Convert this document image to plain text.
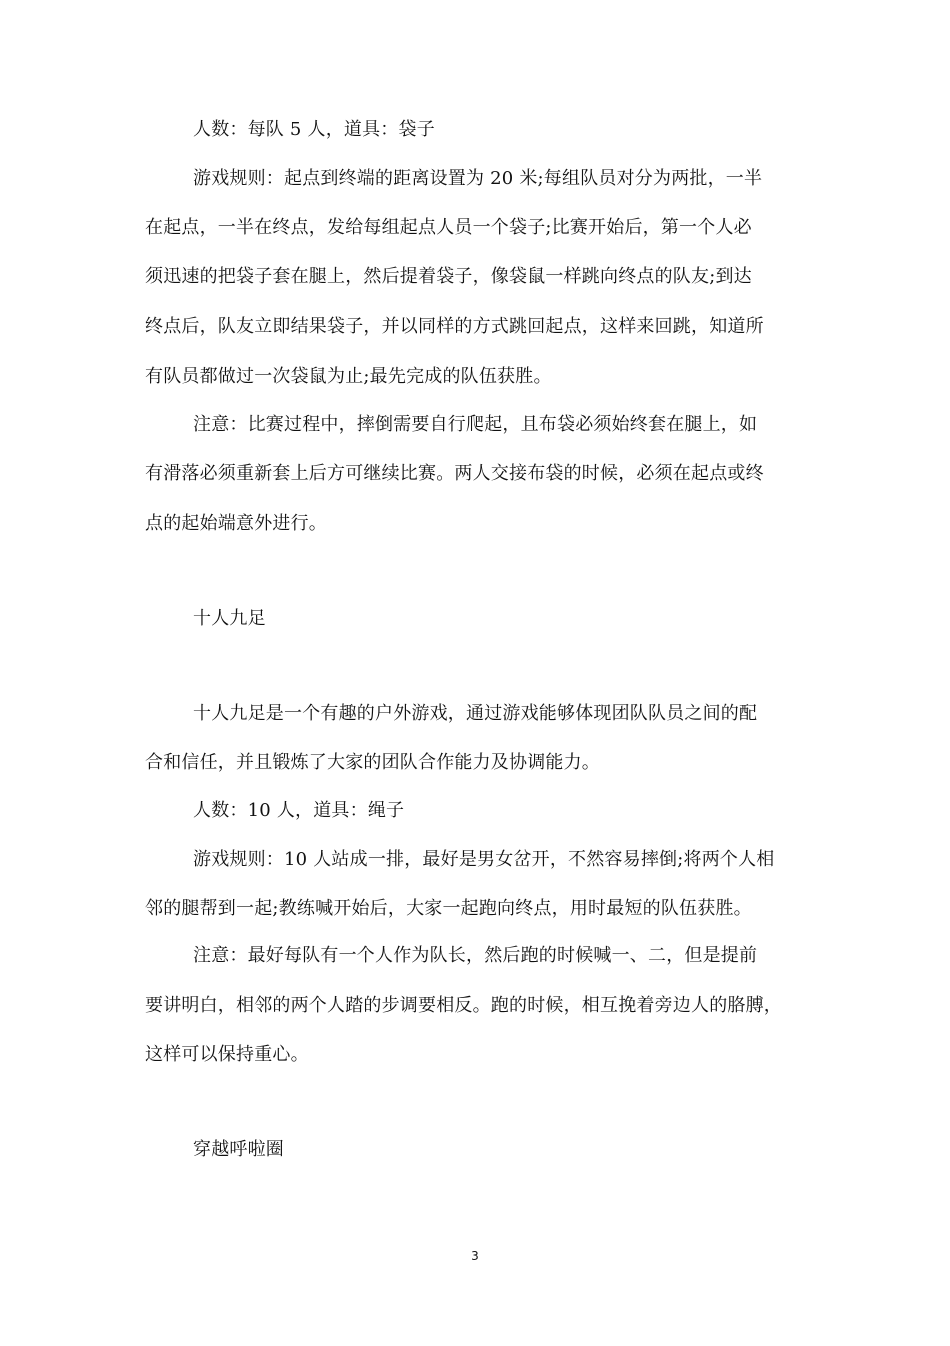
人数：每队 5 人，道具：袋子
游戏规则：起点到终端的距离设置为 20 米;每组队员对分为两批，一半
在起点，一半在终点，发给每组起点人员一个袋子;比赛开始后，第一个人必
须迅速的把袋子套在腿上，然后提着袋子，像袋鼠一样跳向终点的队友;到达
终点后，队友立即结果袋子，并以同样的方式跳回起点，这样来回跳，知道所
有队员都做过一次袋鼠为止;最先完成的队伍获胜。
注意：比赛过程中，摔倒需要自行爬起，且布袋必须始终套在腿上，如
有滑落必须重新套上后方可继续比赛。两人交接布袋的时候，必须在起点或终
点的起始端意外进行。
十人九足
十人九足是一个有趣的户外游戏，通过游戏能够体现团队队员之间的配
合和信任，并且锻炼了大家的团队合作能力及协调能力。
人数：10 人，道具：绳子
游戏规则：10 人站成一排，最好是男女岔开，不然容易摔倒;将两个人相
邻的腿帮到一起;教练喊开始后，大家一起跑向终点，用时最短的队伍获胜。
注意：最好每队有一个人作为队长，然后跑的时候喊一、二，但是提前
要讲明白，相邻的两个人踏的步调要相反。跑的时候，相互挽着旁边人的胳膊，
这样可以保持重心。
穿越呼啦圈
3
